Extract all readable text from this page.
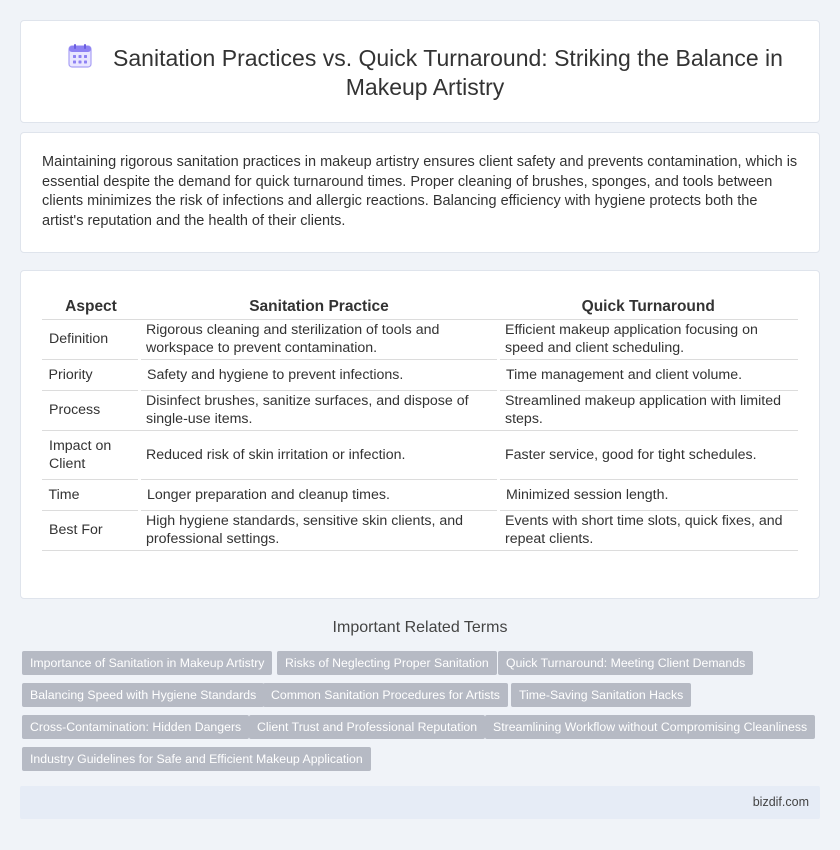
Sanitation Practices vs. Quick Turnaround: Striking the Balance in Makeup Artistry

Maintaining rigorous sanitation practices in makeup artistry ensures client safety and prevents contamination, which is essential despite the demand for quick turnaround times. Proper cleaning of brushes, sponges, and tools between clients minimizes the risk of infections and allergic reactions. Balancing efficiency with hygiene protects both the artist's reputation and the health of their clients.

Aspect	Sanitation Practice	Quick Turnaround
Definition	Rigorous cleaning and sterilization of tools and workspace to prevent contamination.	Efficient makeup application focusing on speed and client scheduling.
Priority	Safety and hygiene to prevent infections.	Time management and client volume.
Process	Disinfect brushes, sanitize surfaces, and dispose of single-use items.	Streamlined makeup application with limited steps.
Impact on Client	Reduced risk of skin irritation or infection.	Faster service, good for tight schedules.
Time	Longer preparation and cleanup times.	Minimized session length.
Best For	High hygiene standards, sensitive skin clients, and professional settings.	Events with short time slots, quick fixes, and repeat clients.
Important Related Terms
Importance of Sanitation in Makeup Artistry	Risks of Neglecting Proper Sanitation	Quick Turnaround: Meeting Client Demands
Balancing Speed with Hygiene Standards	Common Sanitation Procedures for Artists	Time-Saving Sanitation Hacks
Cross-Contamination: Hidden Dangers	Client Trust and Professional Reputation	Streamlining Workflow without Compromising Cleanliness
Industry Guidelines for Safe and Efficient Makeup Application
bizdif.com
